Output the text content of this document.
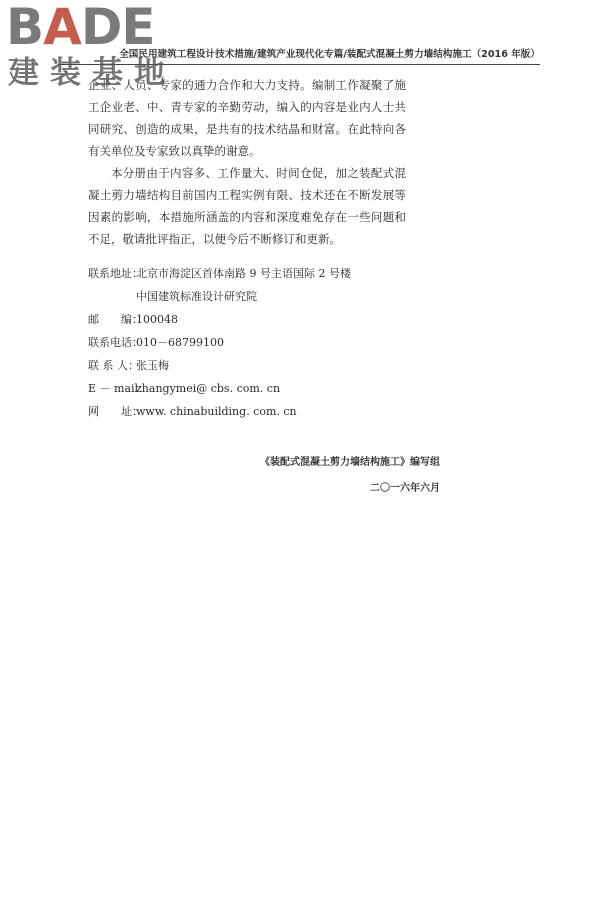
BADE
建装基地
全国民用建筑工程设计技术措施/建筑产业现代化专篇/装配式混凝土剪力墙结构施工（2016 年版）

企业、人员、专家的通力合作和大力支持。编制工作凝聚了施工企业老、中、青专家的辛勤劳动，编入的内容是业内人士共同研究、创造的成果，是共有的技术结晶和财富。在此特向各有关单位及专家致以真挚的谢意。

本分册由于内容多、工作量大、时间仓促，加之装配式混凝土剪力墙结构目前国内工程实例有限、技术还在不断发展等因素的影响，本措施所涵盖的内容和深度难免存在一些问题和不足，敬请批评指正，以便今后不断修订和更新。

联系地址：北京市海淀区首体南路 9 号主语国际 2 号楼
中国建筑标准设计研究院
邮　　编：100048
联系电话：010－68799100
联 系 人：张玉梅
E － mail：zhangymei@ cbs. com. cn
网　　址：www. chinabuilding. com. cn
《装配式混凝土剪力墙结构施工》编写组
二〇一六年六月
